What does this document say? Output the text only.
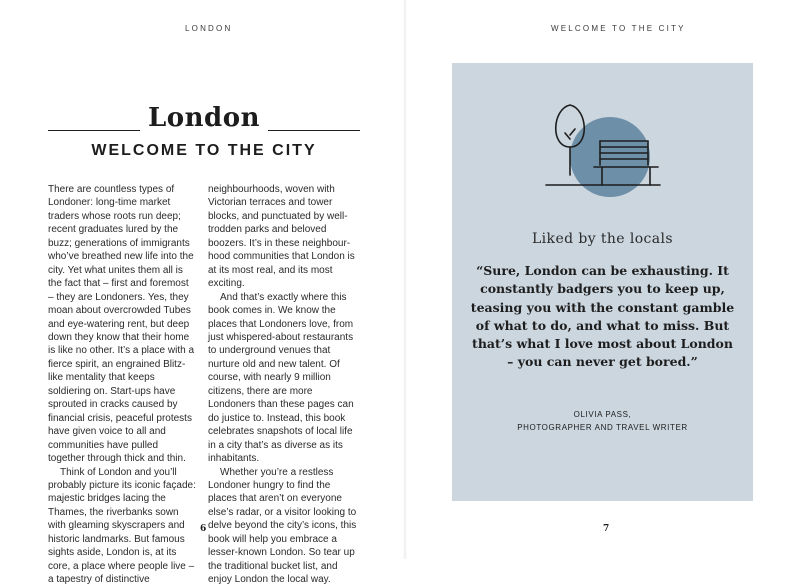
LONDON
London
WELCOME TO THE CITY

There are countless types of Londoner: long-time market traders whose roots run deep; recent graduates lured by the buzz; generations of immigrants who’ve breathed new life into the city. Yet what unites them all is the fact that – first and foremost – they are Londoners. Yes, they moan about overcrowded Tubes and eye-watering rent, but deep down they know that their home is like no other. It’s a place with a fierce spirit, an engrained Blitz-like mentality that keeps soldiering on. Start-ups have sprouted in cracks caused by financial crisis, peaceful protests have given voice to all and communities have pulled together through thick and thin.

Think of London and you’ll probably picture its iconic façade: majestic bridges lacing the Thames, the riverbanks sown with gleaming skyscrapers and historic landmarks. But famous sights aside, London is, at its core, a place where people live – a tapestry of distinctive

neighbourhoods, woven with Victorian terraces and tower blocks, and punctuated by well-trodden parks and beloved boozers. It’s in these neighbour-hood communities that London is at its most real, and its most exciting.

And that’s exactly where this book comes in. We know the places that Londoners love, from just whispered-about restaurants to underground venues that nurture old and new talent. Of course, with nearly 9 million citizens, there are more Londoners than these pages can do justice to. Instead, this book celebrates snapshots of local life in a city that’s as diverse as its inhabitants.

Whether you’re a restless Londoner hungry to find the places that aren’t on everyone else’s radar, or a visitor looking to delve beyond the city’s icons, this book will help you embrace a lesser-known London. So tear up the traditional bucket list, and enjoy London the local way.

6
WELCOME TO THE CITY
Liked by the locals
“Sure, London can be exhausting. It constantly badgers you to keep up, teasing you with the constant gamble of what to do, and what to miss. But that’s what I love most about London – you can never get bored.”
OLIVIA PASS,
PHOTOGRAPHER AND TRAVEL WRITER
7
